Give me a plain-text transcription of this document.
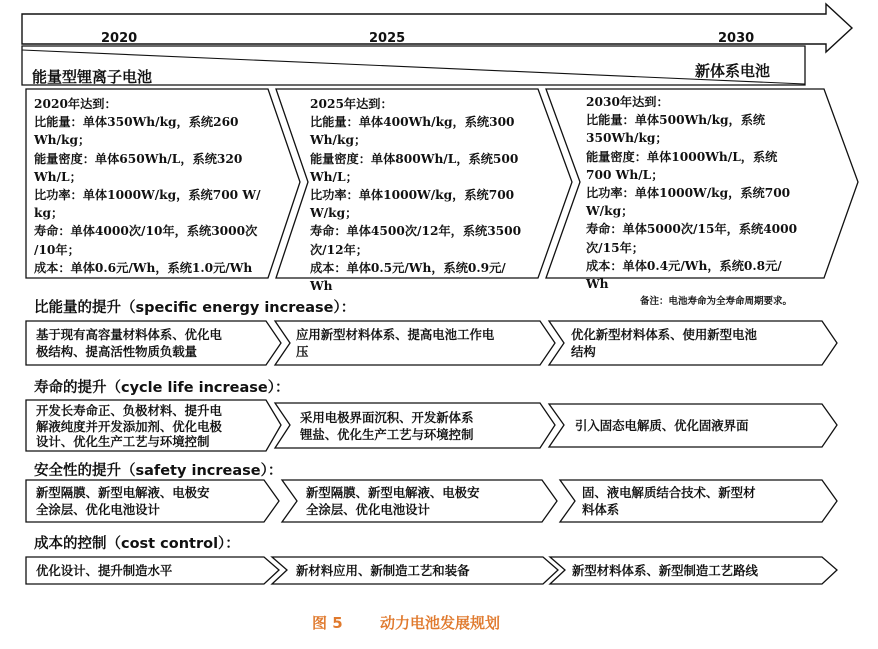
2020	2025	2030
能量型锂离子电池	新体系电池
2020年达到：
比能量：单体350Wh/kg，系统260
Wh/kg；
能量密度：单体650Wh/L，系统320
Wh/L；
比功率：单体1000W/kg，系统700 W/
kg；
寿命：单体4000次/10年，系统3000次
/10年；
成本：单体0.6元/Wh，系统1.0元/Wh
2025年达到：
比能量：单体400Wh/kg，系统300
Wh/kg；
能量密度：单体800Wh/L，系统500
Wh/L；
比功率：单体1000W/kg，系统700
W/kg；
寿命：单体4500次/12年，系统3500
次/12年；
成本：单体0.5元/Wh，系统0.9元/
Wh
2030年达到：
比能量：单体500Wh/kg，系统
350Wh/kg；
能量密度：单体1000Wh/L，系统
700 Wh/L；
比功率：单体1000W/kg，系统700
W/kg；
寿命：单体5000次/15年，系统4000
次/15年；
成本：单体0.4元/Wh，系统0.8元/
Wh
备注：电池寿命为全寿命周期要求。
比能量的提升（specific energy increase）：
寿命的提升（cycle life increase）：
安全性的提升（safety increase）：
成本的控制（cost control）：
基于现有高容量材料体系、优化电
极结构、提高活性物质负载量
应用新型材料体系、提高电池工作电
压
优化新型材料体系、使用新型电池
结构
开发长寿命正、负极材料、提升电
解液纯度并开发添加剂、优化电极
设计、优化生产工艺与环境控制
采用电极界面沉积、开发新体系
锂盐、优化生产工艺与环境控制
引入固态电解质、优化固液界面
新型隔膜、新型电解液、电极安
全涂层、优化电池设计
新型隔膜、新型电解液、电极安
全涂层、优化电池设计
固、液电解质结合技术、新型材
料体系
优化设计、提升制造水平	新材料应用、新制造工艺和装备	新型材料体系、新型制造工艺路线
图 5 动力电池发展规划
